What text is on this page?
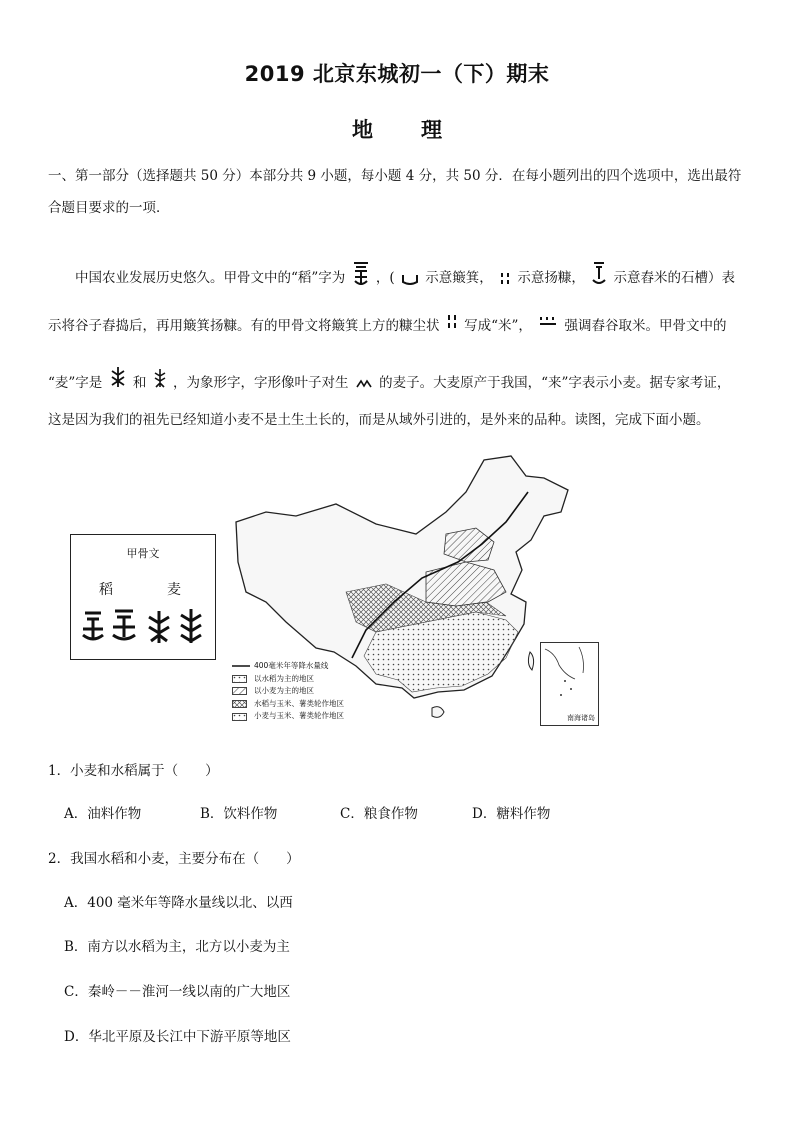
2019 北京东城初一（下）期末
地 理
一、第一部分（选择题共 50 分）本部分共 9 小题，每小题 4 分，共 50 分．在每小题列出的四个选项中，选出最符
合题目要求的一项．
中国农业发展历史悠久。甲骨文中的“稻”字为 ，( 示意簸箕， 示意扬糠， 示意舂米的石槽）表
示将谷子舂捣后，再用簸箕扬糠。有的甲骨文将簸箕上方的糠尘状 写成“米”， 强调舂谷取米。甲骨文中的
“麦”字是 和 ，为象形字，字形像叶子对生 的麦子。大麦原产于我国，“来”字表示小麦。据专家考证，
这是因为我们的祖先已经知道小麦不是土生土长的，而是从域外引进的，是外来的品种。读图，完成下面小题。
甲骨文
稻	麦
400毫米年等降水量线
以水稻为主的地区
以小麦为主的地区
水稻与玉米、薯类轮作地区
小麦与玉米、薯类轮作地区	南海诸岛
1．小麦和水稻属于（　　）
A．油料作物	B．饮料作物	C．粮食作物	D．糖料作物
2．我国水稻和小麦，主要分布在（　　）
A．400 毫米年等降水量线以北、以西
B．南方以水稻为主，北方以小麦为主
C．秦岭－－淮河一线以南的广大地区
D．华北平原及长江中下游平原等地区
